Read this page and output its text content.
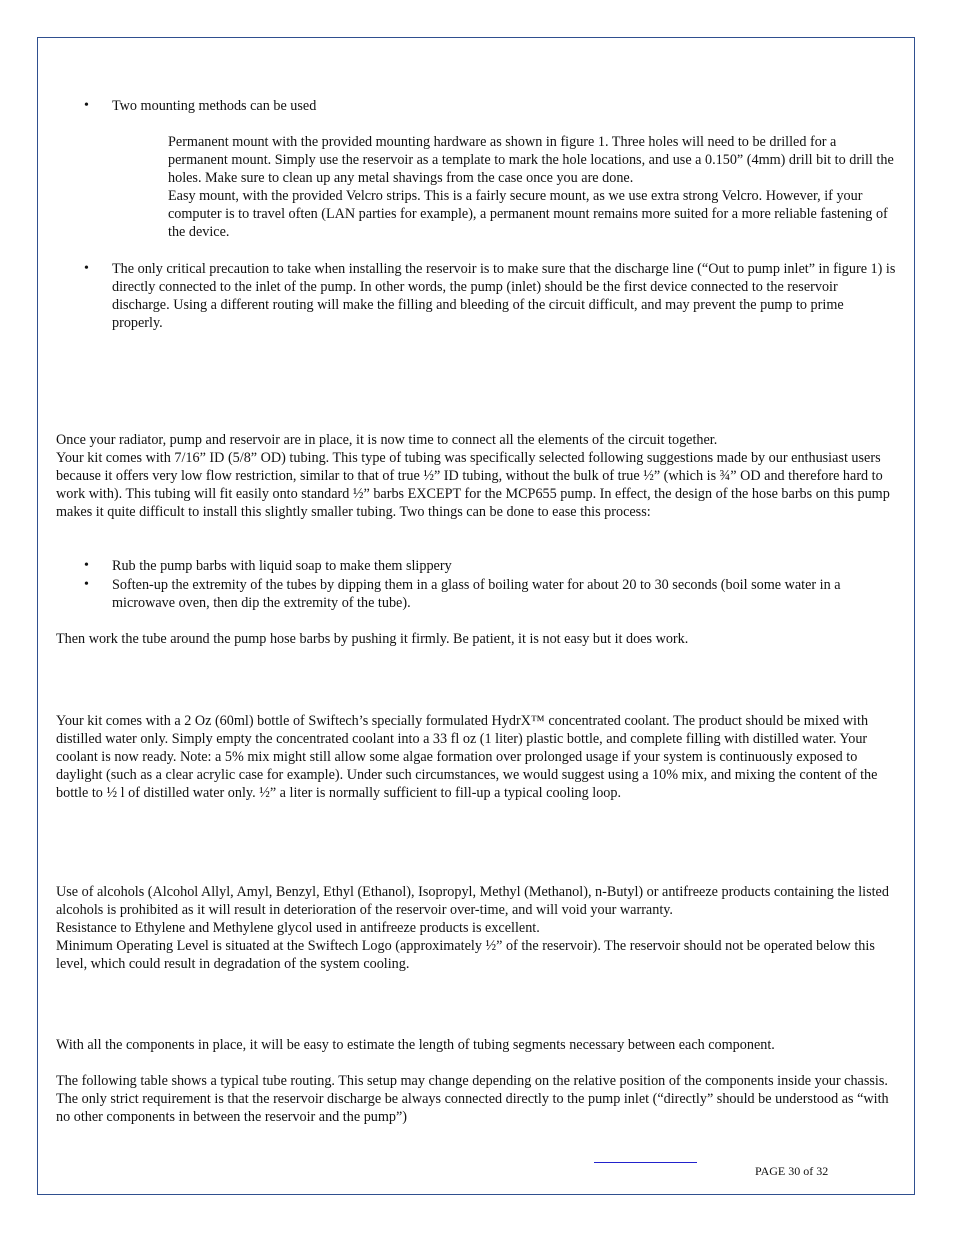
• Two mounting methods can be used

Permanent mount with the provided mounting hardware as shown in figure 1. Three holes will need to be drilled for a permanent mount. Simply use the reservoir as a template to mark the hole locations, and use a 0.150” (4mm) drill bit to drill the holes. Make sure to clean up any metal shavings from the case once you are done.

Easy mount, with the provided Velcro strips. This is a fairly secure mount, as we use extra strong Velcro. However, if your computer is to travel often (LAN parties for example), a permanent mount remains more suited for a more reliable fastening of the device.

• The only critical precaution to take when installing the reservoir is to make sure that the discharge line (“Out to pump inlet” in figure 1) is directly connected to the inlet of the pump. In other words, the pump (inlet) should be the first device connected to the reservoir discharge. Using a different routing will make the filling and bleeding of the circuit difficult, and may prevent the pump to prime properly.

Once your radiator, pump and reservoir are in place, it is now time to connect all the elements of the circuit together.

Your kit comes with 7/16” ID (5/8” OD) tubing. This type of tubing was specifically selected following suggestions made by our enthusiast users because it offers very low flow restriction, similar to that of true ½” ID tubing, without the bulk of true ½” (which is ¾” OD and therefore hard to work with). This tubing will fit easily onto standard ½” barbs EXCEPT for the MCP655 pump. In effect, the design of the hose barbs on this pump makes it quite difficult to install this slightly smaller tubing. Two things can be done to ease this process:

• Rub the pump barbs with liquid soap to make them slippery

• Soften-up the extremity of the tubes by dipping them in a glass of boiling water for about 20 to 30 seconds (boil some water in a microwave oven, then dip the extremity of the tube).

Then work the tube around the pump hose barbs by pushing it firmly. Be patient, it is not easy but it does work.

Your kit comes with a 2 Oz (60ml) bottle of Swiftech’s specially formulated HydrX™ concentrated coolant. The product should be mixed with distilled water only. Simply empty the concentrated coolant into a 33 fl oz (1 liter) plastic bottle, and complete filling with distilled water. Your coolant is now ready. Note: a 5% mix might still allow some algae formation over prolonged usage if your system is continuously exposed to daylight (such as a clear acrylic case for example). Under such circumstances, we would suggest using a 10% mix, and mixing the content of the bottle to ½ l of distilled water only. ½” a liter is normally sufficient to fill-up a typical cooling loop.

Use of alcohols (Alcohol Allyl, Amyl, Benzyl, Ethyl (Ethanol), Isopropyl, Methyl (Methanol), n-Butyl) or antifreeze products containing the listed alcohols is prohibited as it will result in deterioration of the reservoir over-time, and will void your warranty.

Resistance to Ethylene and Methylene glycol used in antifreeze products is excellent.

Minimum Operating Level is situated at the Swiftech Logo (approximately ½” of the reservoir). The reservoir should not be operated below this level, which could result in degradation of the system cooling.

With all the components in place, it will be easy to estimate the length of tubing segments necessary between each component.

The following table shows a typical tube routing. This setup may change depending on the relative position of the components inside your chassis. The only strict requirement is that the reservoir discharge be always connected directly to the pump inlet (“directly” should be understood as “with no other components in between the reservoir and the pump”)

PAGE 30 of 32
